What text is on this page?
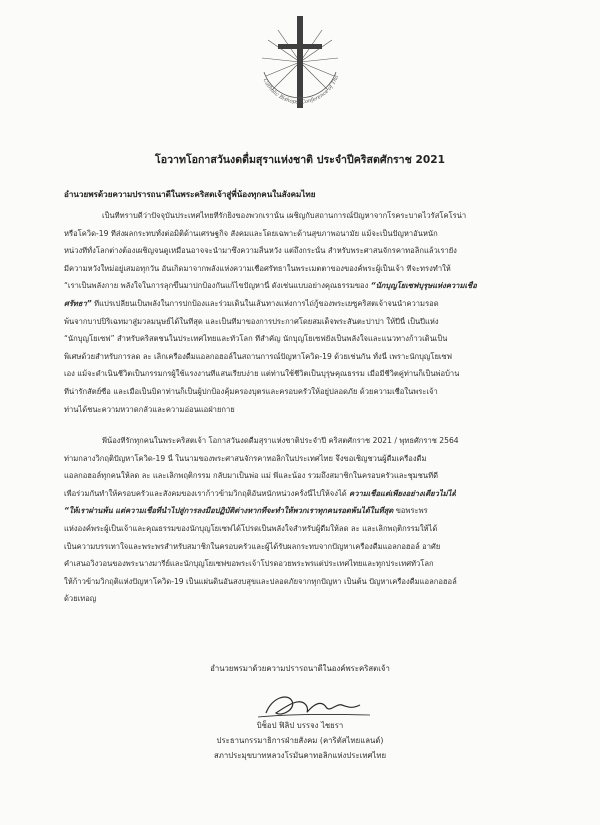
Catholic Bishops' Conference of Tha
โอวาทโอกาสวันงดดื่มสุราแห่งชาติ ประจำปีคริสตศักราช 2021
อำนวยพรด้วยความปรารถนาดีในพระคริสตเจ้าสู่พี่น้องทุกคนในสังคมไทย
เป็นที่ทราบดีว่าปัจจุบันประเทศไทยที่รักยิ่งของพวกเรานั้น เผชิญกับสถานการณ์ปัญหาจากโรคระบาดไวรัสโคโรน่า
หรือโควิด-19 ที่ส่งผลกระทบทั้งต่อมิติด้านเศรษฐกิจ สังคมและโดยเฉพาะด้านสุขภาพอนามัย แม้จะเป็นปัญหาอันหนัก
หน่วงที่ทั้งโลกต่างต้องเผชิญจนดูเหมือนอาจจะนำมาซึ่งความสิ้นหวัง แต่ถึงกระนั้น สำหรับพระศาสนจักรคาทอลิกแล้วเรายัง
มีความหวังใหม่อยู่เสมอทุกวัน อันเกิดมาจากพลังแห่งความเชื่อศรัทธาในพระเมตตาของของค์พระผู้เป็นเจ้า ที่จะทรงทำให้
“เราเป็นพลังกาย พลังใจในการลุกขึ้นมาปกป้องกันแก้ไขปัญหานี้ ดังเช่นแบบอย่างคุณธรรมของ “นักบุญโยเซฟบุรุษแห่งความเชื่อ
ศรัทธา” ที่แปรเปลี่ยนเป็นพลังในการปกป้องและร่วมเดินในเส้นทางแห่งการไถ่กู้ของพระเยซูคริสตเจ้าจนนำความรอด
พ้นจากบาปปิริเฉทมาสู่มวลมนุษย์ได้ในที่สุด และเป็นที่มาของการประกาศโดยสมเด็จพระสันตะปาปา ให้ปีนี้ เป็นปีแห่ง
“นักบุญโยเซฟ” สำหรับคริสตชนในประเทศไทยและทั่วโลก ที่สำคัญ นักบุญโยเซฟยังเป็นพลังใจและแนวทางก้าวเดินเป็น
พิเศษด้วยสำหรับการลด ละ เลิกเครื่องดื่มแอลกอฮอล์ในสถานการณ์ปัญหาโควิด-19 ด้วยเช่นกัน ทั้งนี้ เพราะนักบุญโยเซฟ
เอง แม้จะดำเนินชีวิตเป็นกรรมกรผู้ใช้แรงงานที่แสนเรียบง่าย แต่ท่านใช้ชีวิตเป็นบุรุษคุณธรรม เมื่อมีชีวิตคู่ท่านก็เป็นพ่อบ้าน
ที่น่ารักสัตย์ซื่อ และเมื่อเป็นบิดาท่านก็เป็นผู้ปกป้องคุ้มครองบุตรและครอบครัวให้อยู่ปลอดภัย ด้วยความเชื่อในพระเจ้า
ท่านได้ชนะความหวาดกลัวและความอ่อนแอฝ่ายกาย
พี่น้องที่รักทุกคนในพระคริสตเจ้า โอกาสวันงดดื่มสุราแห่งชาติประจำปี คริสตศักราช 2021 / พุทธศักราช 2564
ท่ามกลางวิกฤติปัญหาโควิด-19 นี้ ในนามของพระศาสนจักรคาทอลิกในประเทศไทย จึงขอเชิญชวนผู้ดื่มเครื่องดื่ม
แอลกอฮอล์ทุกคนให้ลด ละ และเลิกพฤติกรรม กลับมาเป็นพ่อ แม่ พี่และน้อง รวมถึงสมาชิกในครอบครัวและชุมชนที่ดี
เพื่อร่วมกันทำให้ครอบครัวและสังคมของเราก้าวข้ามวิกฤติอันหนักหน่วงครั้งนี้ไปให้จงได้ ความเชื่อแต่เพียงอย่างเดียวไม่ได้
“ให้เราผ่านพ้น แต่ความเชื่อที่นำไปสู่การลงมือปฏิบัติต่างหากที่จะทำให้พวกเราทุกคนรอดพ้นได้ในที่สุด ขอพระพร
แห่งองค์พระผู้เป็นเจ้าและคุณธรรมของนักบุญโยเซฟได้โปรดเป็นพลังใจสำหรับผู้ดื่มให้ลด ละ และเลิกพฤติกรรมให้ได้
เป็นความบรรเทาใจและพระพรสำหรับสมาชิกในครอบครัวและผู้ได้รับผลกระทบจากปัญหาเครื่องดื่มแอลกอฮอล์ อาศัย
คำเสนอวิงวอนของพระนางมารีย์และนักบุญโยเซฟขอพระเจ้าโปรดอวยพระพรแต่ประเทศไทยและทุกประเทศทั่วโลก
ให้ก้าวข้ามวิกฤติแห่งปัญหาโควิด-19 เป็นแผ่นดินอันสงบสุขและปลอดภัยจากทุกปัญหา เป็นต้น ปัญหาเครื่องดื่มแอลกอฮอล์
ด้วยเทอญ
อำนวยพรมาด้วยความปรารถนาดีในองค์พระคริสตเจ้า
บิช็อป ฟิลิป บรรจง ไชยรา
ประธานกรรมาธิการฝ่ายสังคม (คาริตัสไทยแลนด์)
สภาประมุขบาทหลวงโรมันคาทอลิกแห่งประเทศไทย
